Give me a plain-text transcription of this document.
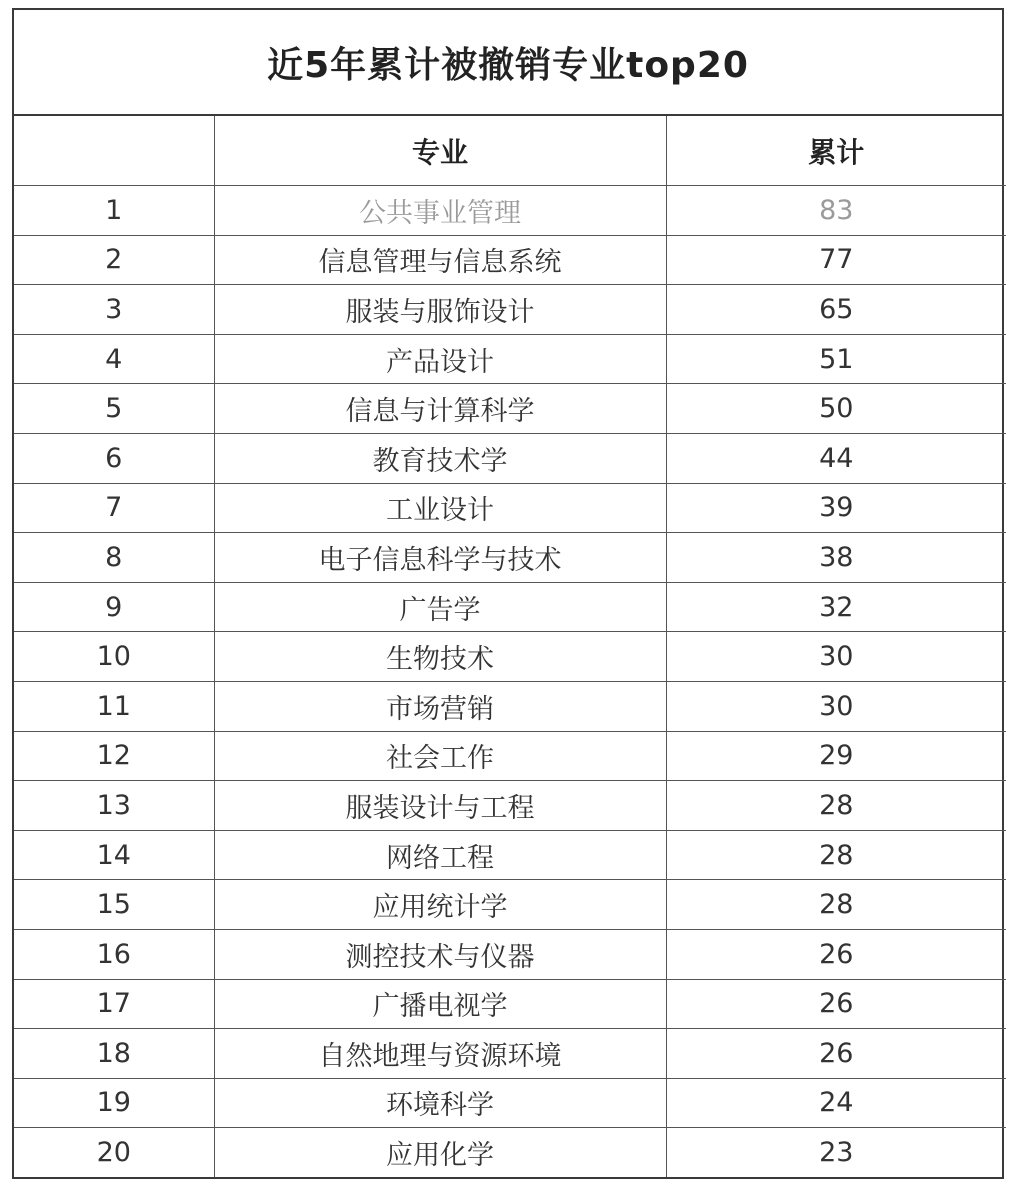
近5年累计被撤销专业top20
	专业	累计
1	公共事业管理	83
2	信息管理与信息系统	77
3	服装与服饰设计	65
4	产品设计	51
5	信息与计算科学	50
6	教育技术学	44
7	工业设计	39
8	电子信息科学与技术	38
9	广告学	32
10	生物技术	30
11	市场营销	30
12	社会工作	29
13	服装设计与工程	28
14	网络工程	28
15	应用统计学	28
16	测控技术与仪器	26
17	广播电视学	26
18	自然地理与资源环境	26
19	环境科学	24
20	应用化学	23
